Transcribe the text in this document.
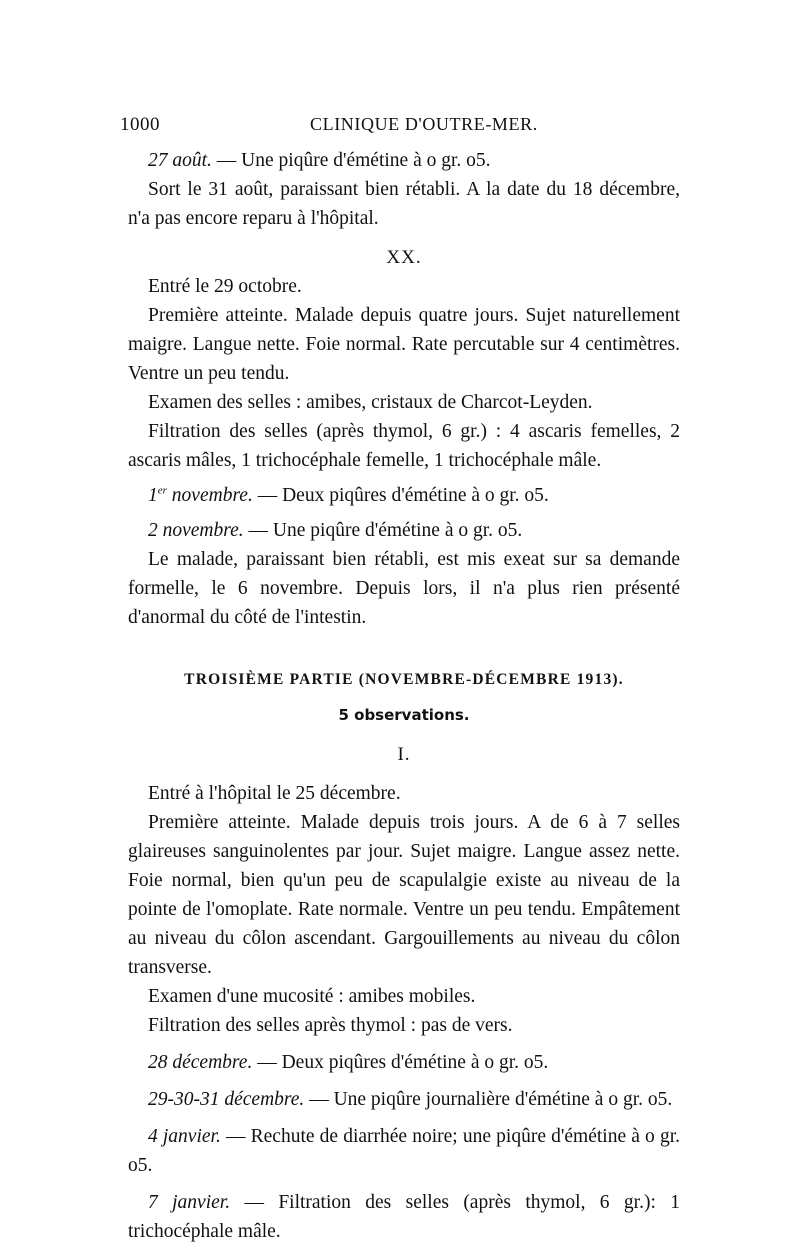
1000	CLINIQUE D'OUTRE-MER.

27 août. — Une piqûre d'émétine à o gr. o5.

Sort le 31 août, paraissant bien rétabli. A la date du 18 décembre, n'a pas encore reparu à l'hôpital.

XX.

Entré le 29 octobre.

Première atteinte. Malade depuis quatre jours. Sujet naturellement maigre. Langue nette. Foie normal. Rate percutable sur 4 centimètres. Ventre un peu tendu.

Examen des selles : amibes, cristaux de Charcot-Leyden.

Filtration des selles (après thymol, 6 gr.) : 4 ascaris femelles, 2 ascaris mâles, 1 trichocéphale femelle, 1 trichocéphale mâle.

1er novembre. — Deux piqûres d'émétine à o gr. o5.

2 novembre. — Une piqûre d'émétine à o gr. o5.

Le malade, paraissant bien rétabli, est mis exeat sur sa demande formelle, le 6 novembre. Depuis lors, il n'a plus rien présenté d'anormal du côté de l'intestin.

TROISIÈME PARTIE (NOVEMBRE-DÉCEMBRE 1913).
5 observations.
I.

Entré à l'hôpital le 25 décembre.

Première atteinte. Malade depuis trois jours. A de 6 à 7 selles glaireuses sanguinolentes par jour. Sujet maigre. Langue assez nette. Foie normal, bien qu'un peu de scapulalgie existe au niveau de la pointe de l'omoplate. Rate normale. Ventre un peu tendu. Empâtement au niveau du côlon ascendant. Gargouillements au niveau du côlon transverse.

Examen d'une mucosité : amibes mobiles.

Filtration des selles après thymol : pas de vers.

28 décembre. — Deux piqûres d'émétine à o gr. o5.

29-30-31 décembre. — Une piqûre journalière d'émétine à o gr. o5.

4 janvier. — Rechute de diarrhée noire; une piqûre d'émétine à o gr. o5.

7 janvier. — Filtration des selles (après thymol, 6 gr.): 1 trichocéphale mâle.
